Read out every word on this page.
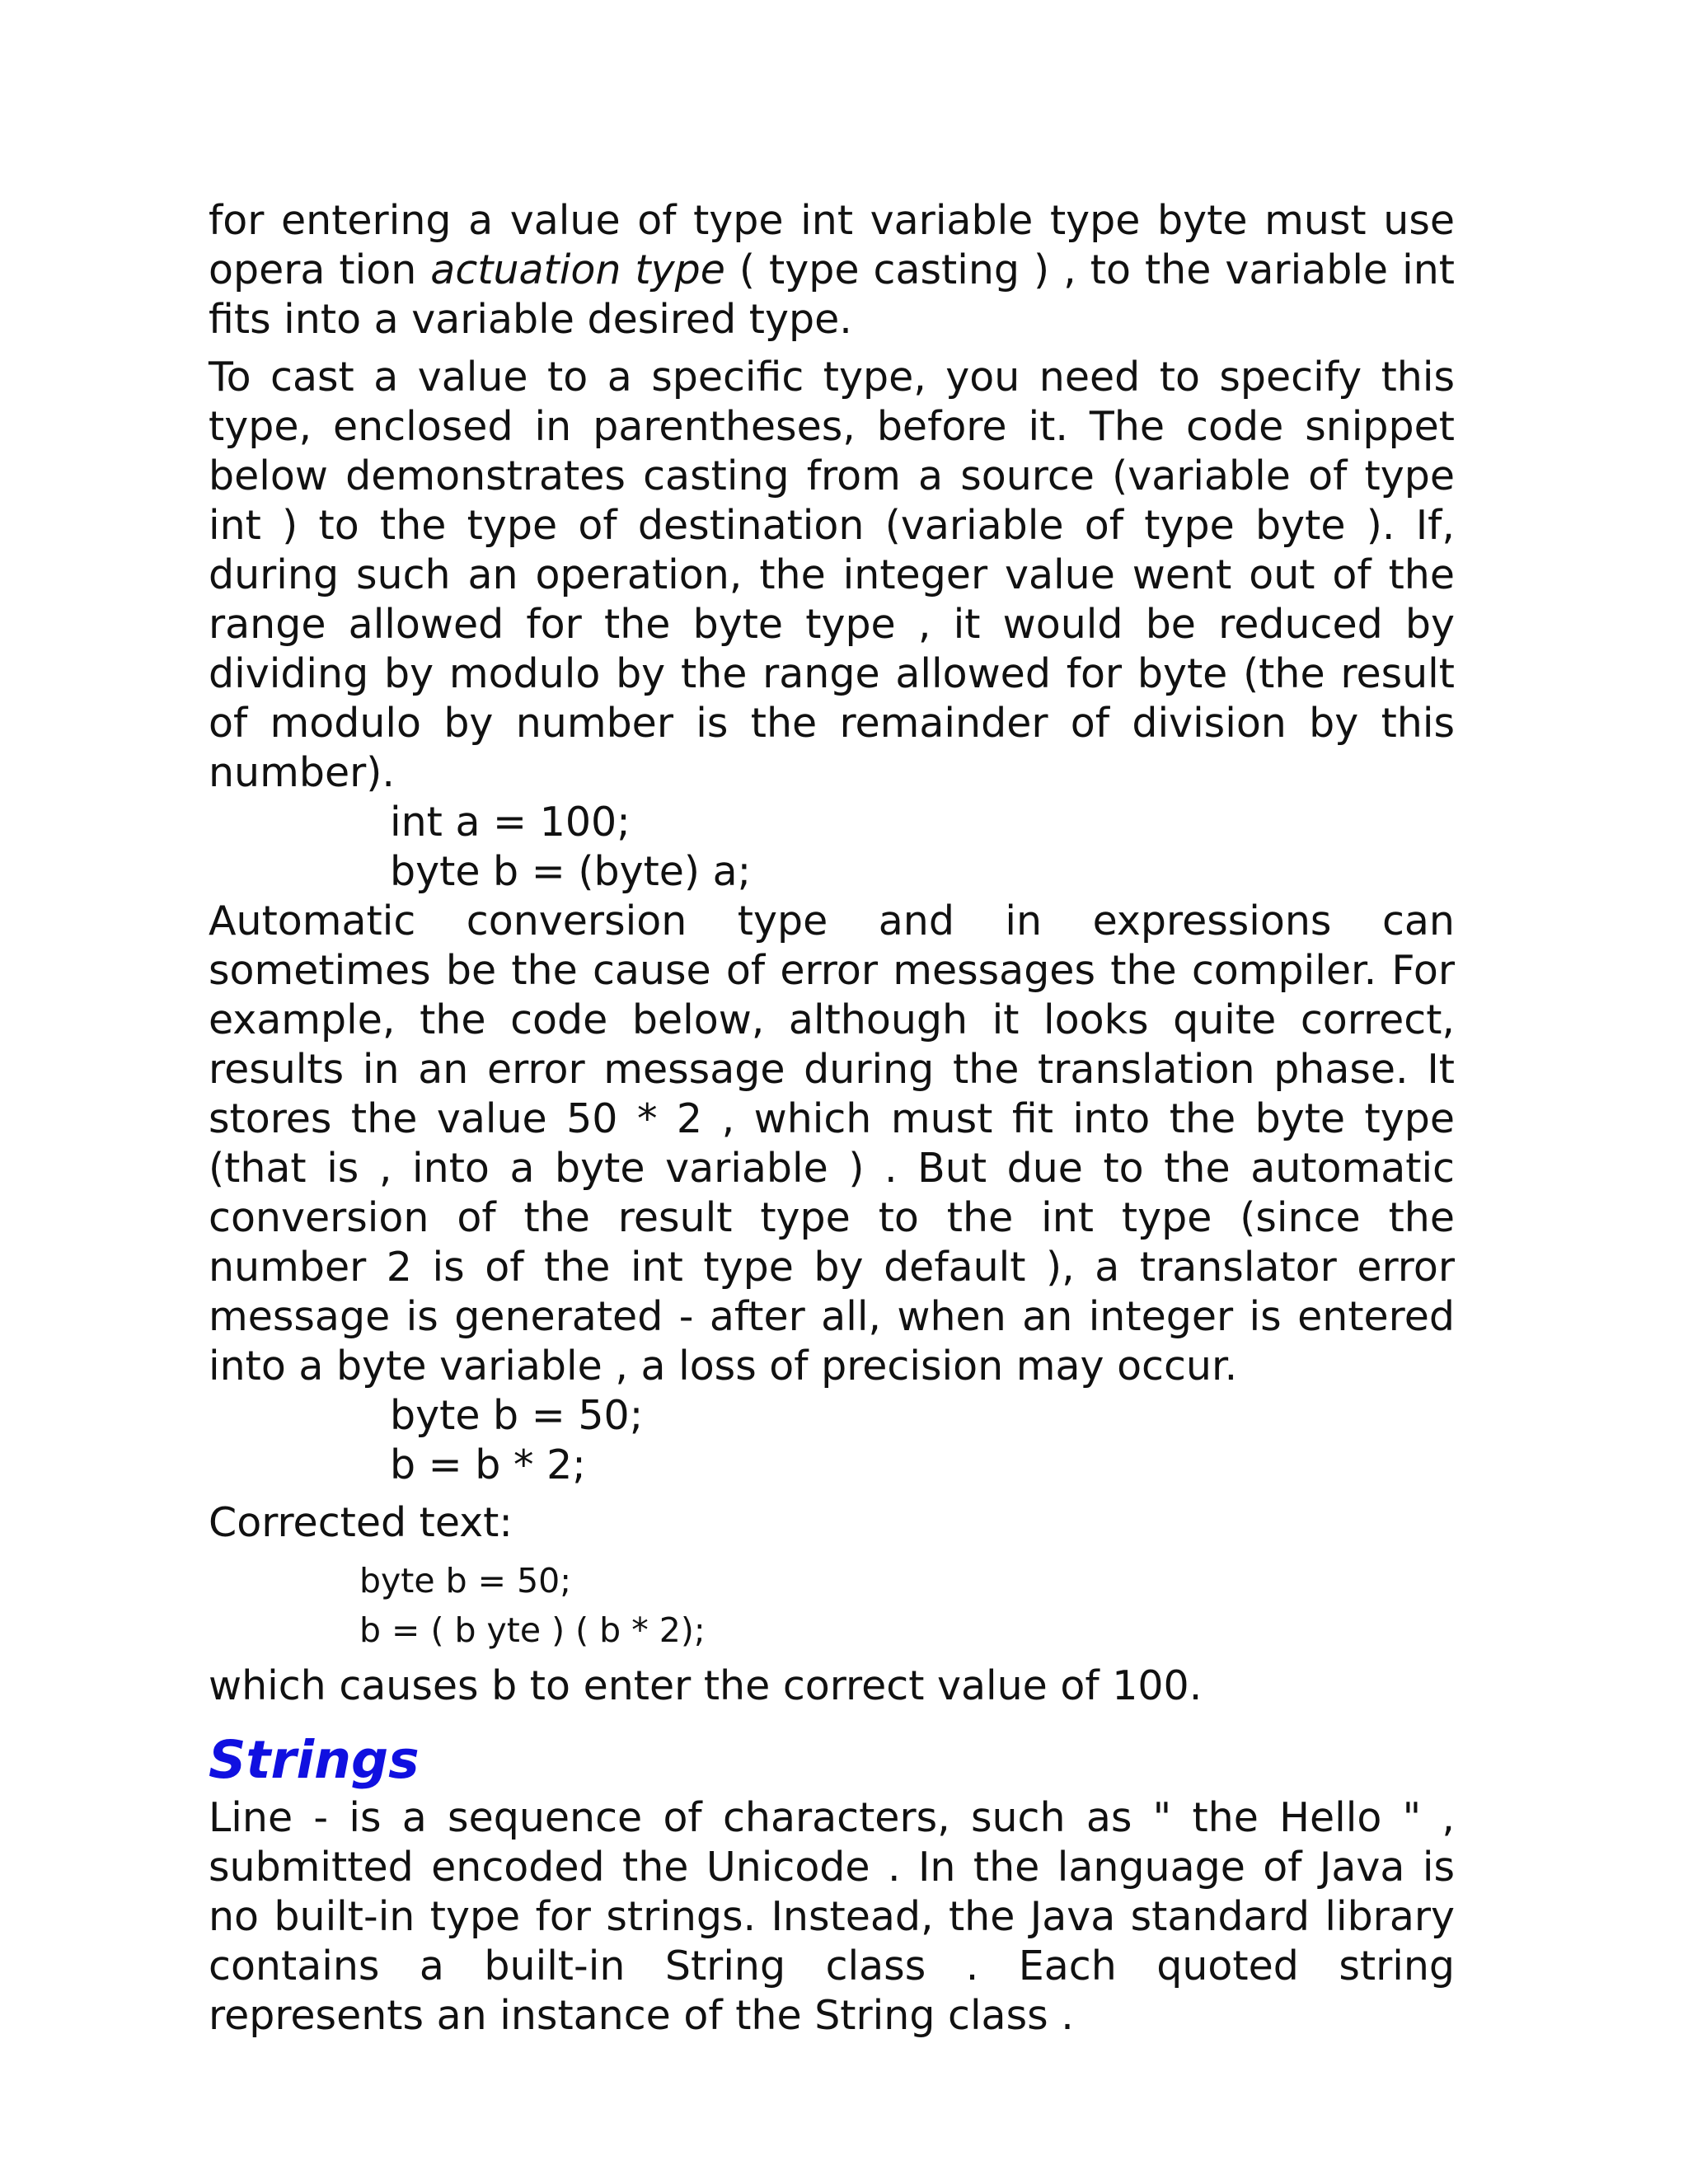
for entering a value of type int variable type byte must use opera tion actuation type ( type casting ) , to the variable int fits into a variable desired type.

To cast a value to a specific type, you need to specify this type, enclosed in parentheses, before it. The code snippet below demonstrates casting from a source (variable of type int ) to the type of destination (variable of type byte ). If, during such an operation, the integer value went out of the range allowed for the byte type , it would be reduced by dividing by modulo by the range allowed for byte (the result of modulo by number is the remainder of division by this number).

int a = 100;
byte b = (byte) a;

Automatic conversion type and in expressions can sometimes be the cause of error messages the compiler. For example, the code below, although it looks quite correct, results in an error message during the translation phase. It stores the value 50 * 2 , which must fit into the byte type (that is , into a byte variable ) . But due to the automatic conversion of the result type to the int type (since the number 2 is of the int type by default ), a translator error message is generated - after all, when an integer is entered into a byte variable , a loss of precision may occur.

byte b = 50;
b = b * 2;

Corrected text:

byte b = 50;
b = ( b yte ) ( b * 2);

which causes b to enter the correct value of 100.

Strings

Line - is a sequence of characters, such as " the Hello " , submitted encoded the Unicode . In the language of Java is no built-in type for strings. Instead, the Java standard library contains a built-in String class . Each quoted string represents an instance of the String class .
